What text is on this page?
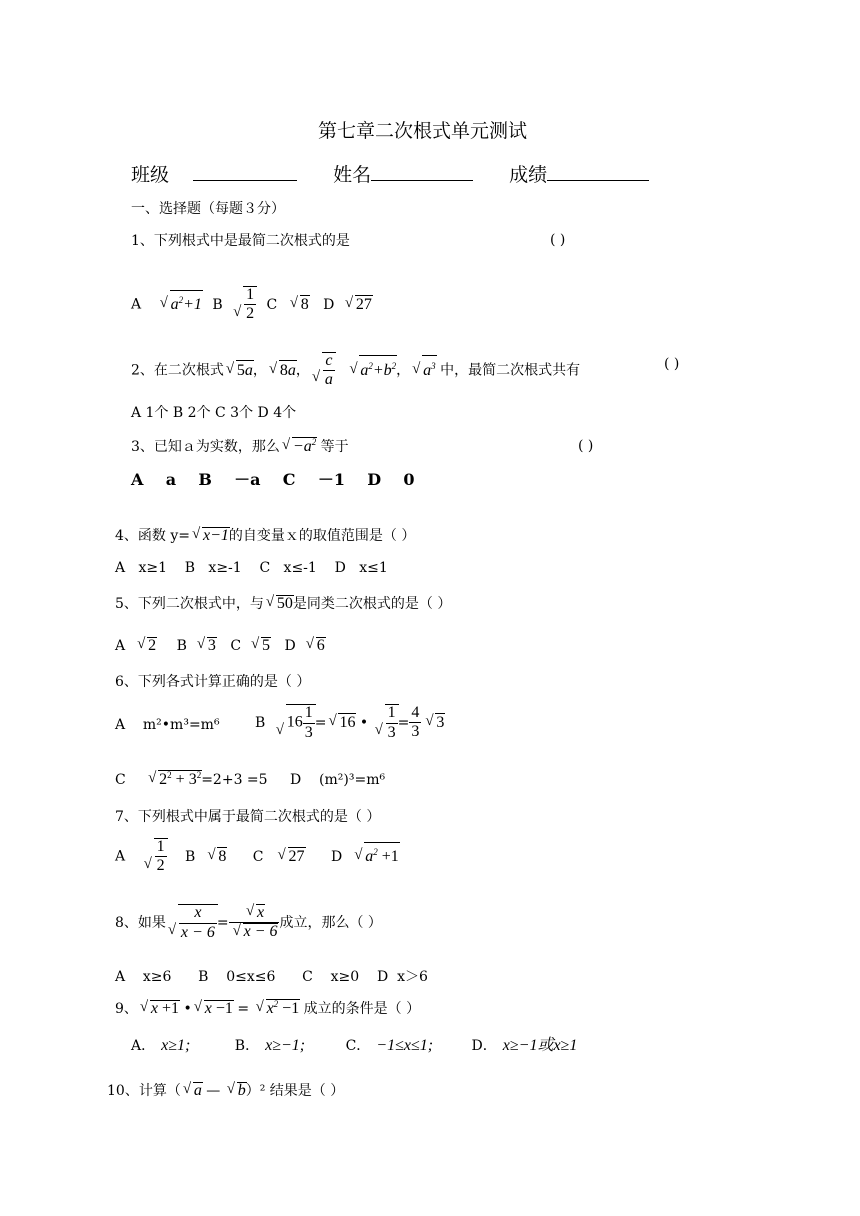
第七章二次根式单元测试
班级	姓名	成绩
一、选择题（每题３分）
1、下列根式中是最简二次根式的是	( )
A √ $a^2+1$ B √ $\frac{1}{2}$ C √ 8 D √ 27
2、在二次根式 √ 5a， √ 8a， √ $\frac{c}{a}$
√ $a^2+b^2$， √ $a^3$ 中，最简二次根式共有	( )
A 1个 B 2个 C 3个 D 4个
3、已知ａ为实数，那么 √ $-a^2$ 等于	( )
A    a    B    －a    C    －1    D    0
4、函数 y= √ x−1的自变量ｘ的取值范围是（ ）
A   x≥1    B   x≥-1    C   x≤-1    D   x≤1
5、下列二次根式中，与 √ 50是同类二次根式的是（ ）
A √ 2 B √ 3 C √ 5 D √ 6
6、下列各式计算正确的是（ ）
A    m²•m³=m⁶	B √ $16 \frac{1}{3}$ = √ 16 • √ $\frac{1}{3} = \frac{4}{3}$ √ 3
C √ $2^2 + 3^2=2+3 =5$ D    (m²)³=m⁶
7、下列根式中属于最简二次根式的是（ ）
A √ $\frac{1}{2}$ B √ 8 C √ 27 D √ $a^2 +1$
8、如果 √ $\frac{x}{x - 6} = \frac{√ x}{√ x - 6}$ 成立，那么（ ）
A    x≥6      B    0≤x≤6      C    x≥0    D  x＞6
9、 √ x +1 • √ x −1 = √ $x^2 -1$ 成立的条件是（ ）
A． x≥1;	B． x≥−1;	C． −1≤x≤1;	D． x≥−1或x≥1
10、计算（ √ a — √ b）² 结果是（ ）
